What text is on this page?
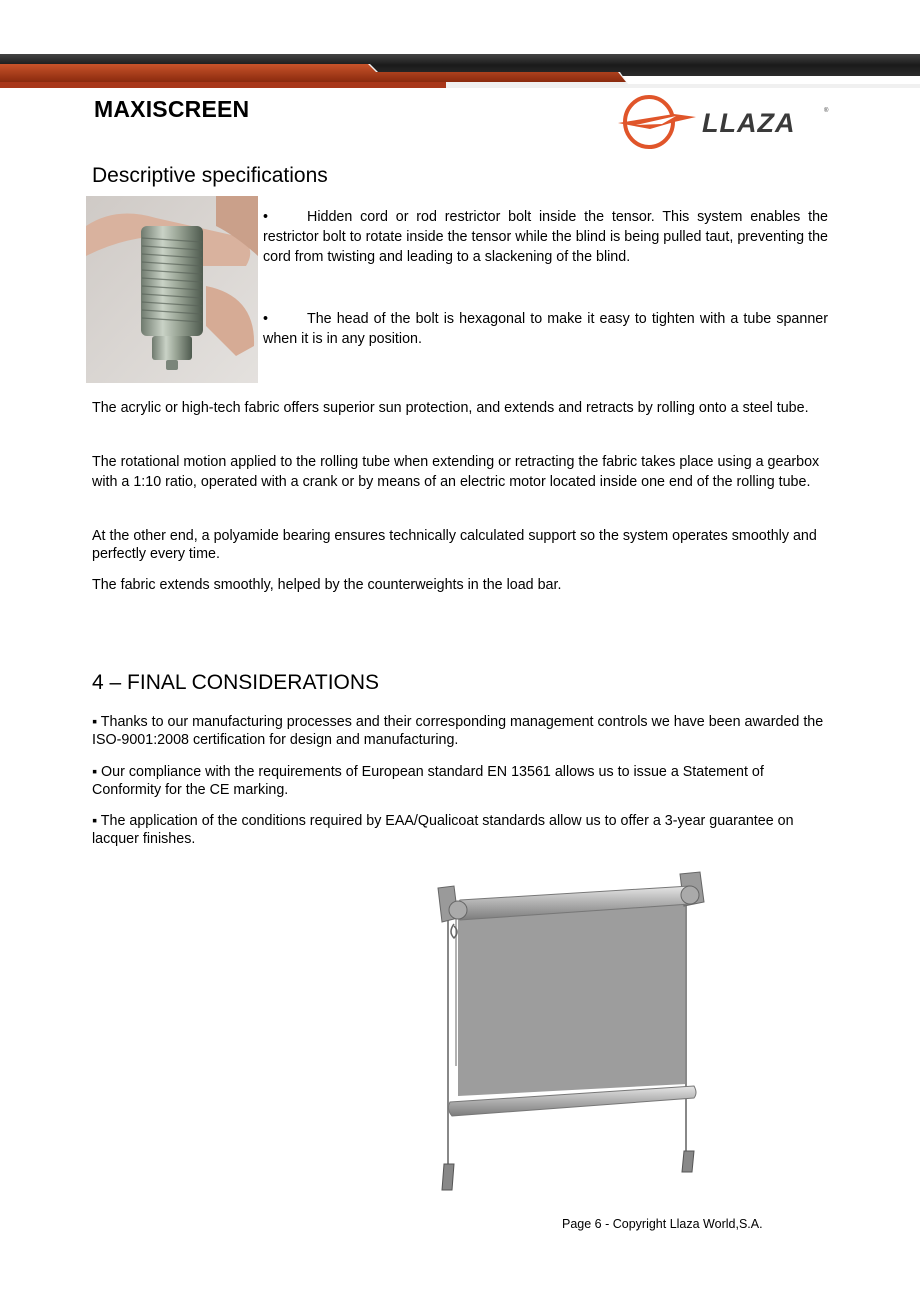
MAXISCREEN	LLAZA	®
Descriptive specifications

•	Hidden cord or rod restrictor bolt inside the tensor. This system enables the restrictor bolt to rotate inside the tensor while the blind is being pulled taut, preventing the cord from twisting and leading to a slackening of the blind.

•	The head of the bolt is hexagonal to make it easy to tighten with a tube spanner when it is in any position.

The acrylic or high-tech fabric offers superior sun protection, and extends and retracts by rolling onto a steel tube.

The rotational motion applied to the rolling tube when extending or retracting the fabric takes place using a gearbox with a 1:10 ratio, operated with a crank or by means of an electric motor located inside one end of the rolling tube.

At the other end, a polyamide bearing ensures technically calculated support so the system operates smoothly and perfectly every time.

The fabric extends smoothly, helped by the counterweights in the load bar.

4 – FINAL CONSIDERATIONS

▪ Thanks to our manufacturing processes and their corresponding management controls we have been awarded the ISO-9001:2008 certification for design and manufacturing.

▪ Our compliance with the requirements of European standard EN 13561 allows us to issue a Statement of Conformity for the CE marking.

▪ The application of the conditions required by EAA/Qualicoat standards allow us to offer a 3-year guarantee on lacquer finishes.

Page 6 - Copyright Llaza World,S.A.
